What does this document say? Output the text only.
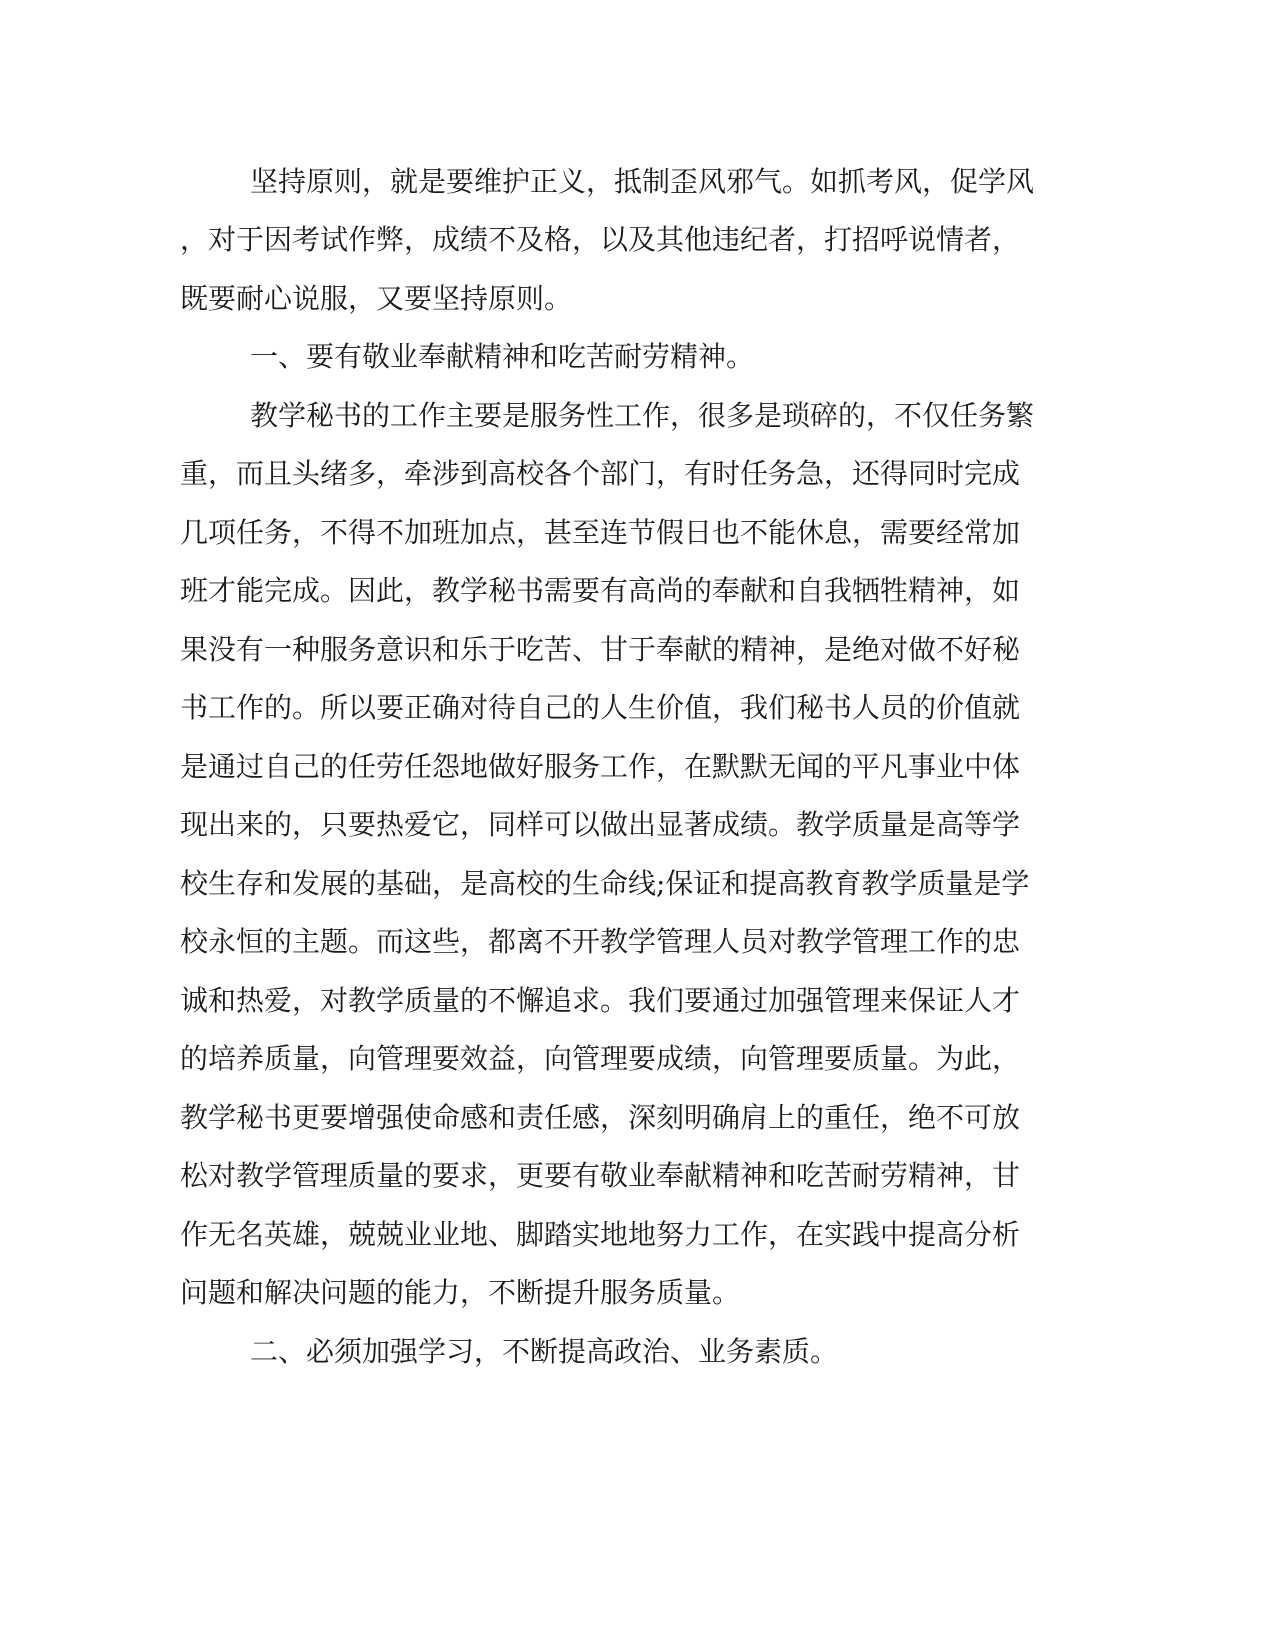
坚持原则，就是要维护正义，抵制歪风邪气。如抓考风，促学风
，对于因考试作弊，成绩不及格，以及其他违纪者，打招呼说情者，
既要耐心说服，又要坚持原则。
一、要有敬业奉献精神和吃苦耐劳精神。
教学秘书的工作主要是服务性工作，很多是琐碎的，不仅任务繁
重，而且头绪多，牵涉到高校各个部门，有时任务急，还得同时完成
几项任务，不得不加班加点，甚至连节假日也不能休息，需要经常加
班才能完成。因此，教学秘书需要有高尚的奉献和自我牺牲精神，如
果没有一种服务意识和乐于吃苦、甘于奉献的精神，是绝对做不好秘
书工作的。所以要正确对待自己的人生价值，我们秘书人员的价值就
是通过自己的任劳任怨地做好服务工作，在默默无闻的平凡事业中体
现出来的，只要热爱它，同样可以做出显著成绩。教学质量是高等学
校生存和发展的基础，是高校的生命线;保证和提高教育教学质量是学
校永恒的主题。而这些，都离不开教学管理人员对教学管理工作的忠
诚和热爱，对教学质量的不懈追求。我们要通过加强管理来保证人才
的培养质量，向管理要效益，向管理要成绩，向管理要质量。为此，
教学秘书更要增强使命感和责任感，深刻明确肩上的重任，绝不可放
松对教学管理质量的要求，更要有敬业奉献精神和吃苦耐劳精神，甘
作无名英雄，兢兢业业地、脚踏实地地努力工作，在实践中提高分析
问题和解决问题的能力，不断提升服务质量。
二、必须加强学习，不断提高政治、业务素质。
